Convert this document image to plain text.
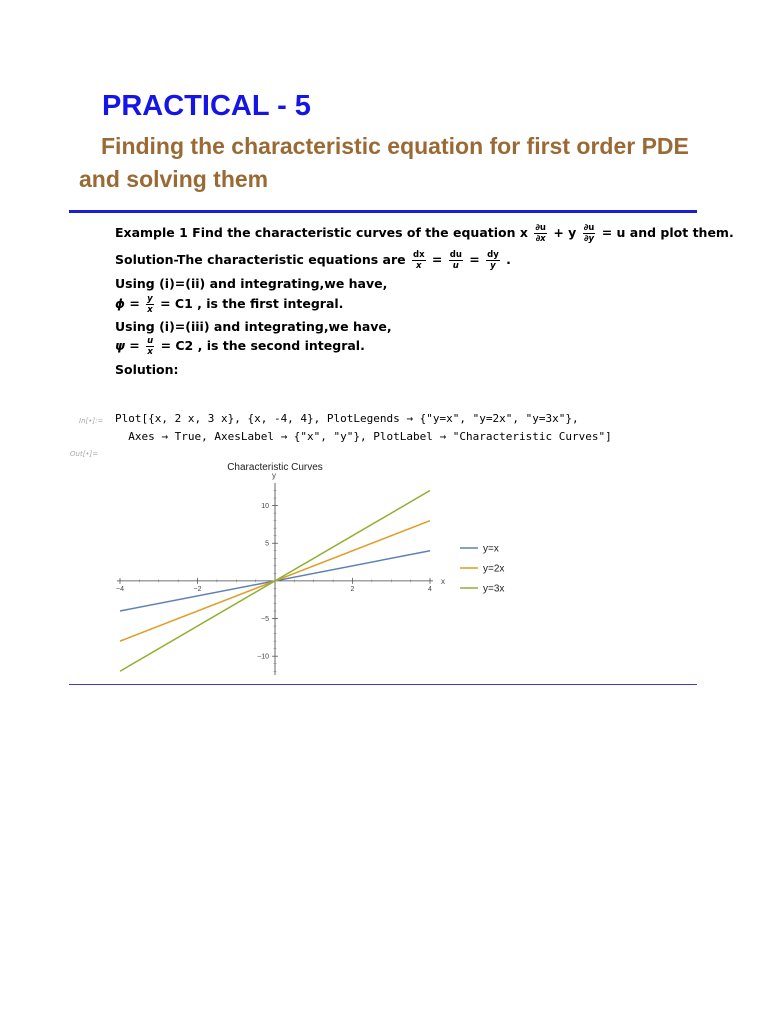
PRACTICAL - 5

Finding the characteristic equation for first order PDE and solving them

Example 1 Find the characteristic curves of the equation x $\frac{\partial u}{\partial x} + y \frac{\partial u}{\partial y} = u$ and plot them.
Solution-The characteristic equations are $\frac{dx}{x} = \frac{du}{u} = \frac{dy}{y}$ .
Using (i)=(ii) and integrating,we have,
$\phi = \frac{y}{x} = C1$ , is the first integral.
Using (i)=(iii) and integrating,we have,
$\psi = \frac{u}{x} = C2$ , is the second integral.
Solution:
In[•]:= Plot[{x, 2 x, 3 x}, {x, -4, 4}, PlotLegends → {"y=x", "y=2x", "y=3x"},
Axes → True, AxesLabel → {"x", "y"}, PlotLabel → "Characteristic Curves"]
Out[•]=
Characteristic Curves
x
y
−4	−2	2	4
−10
−5
5
10
y=x
y=2x
y=3x
